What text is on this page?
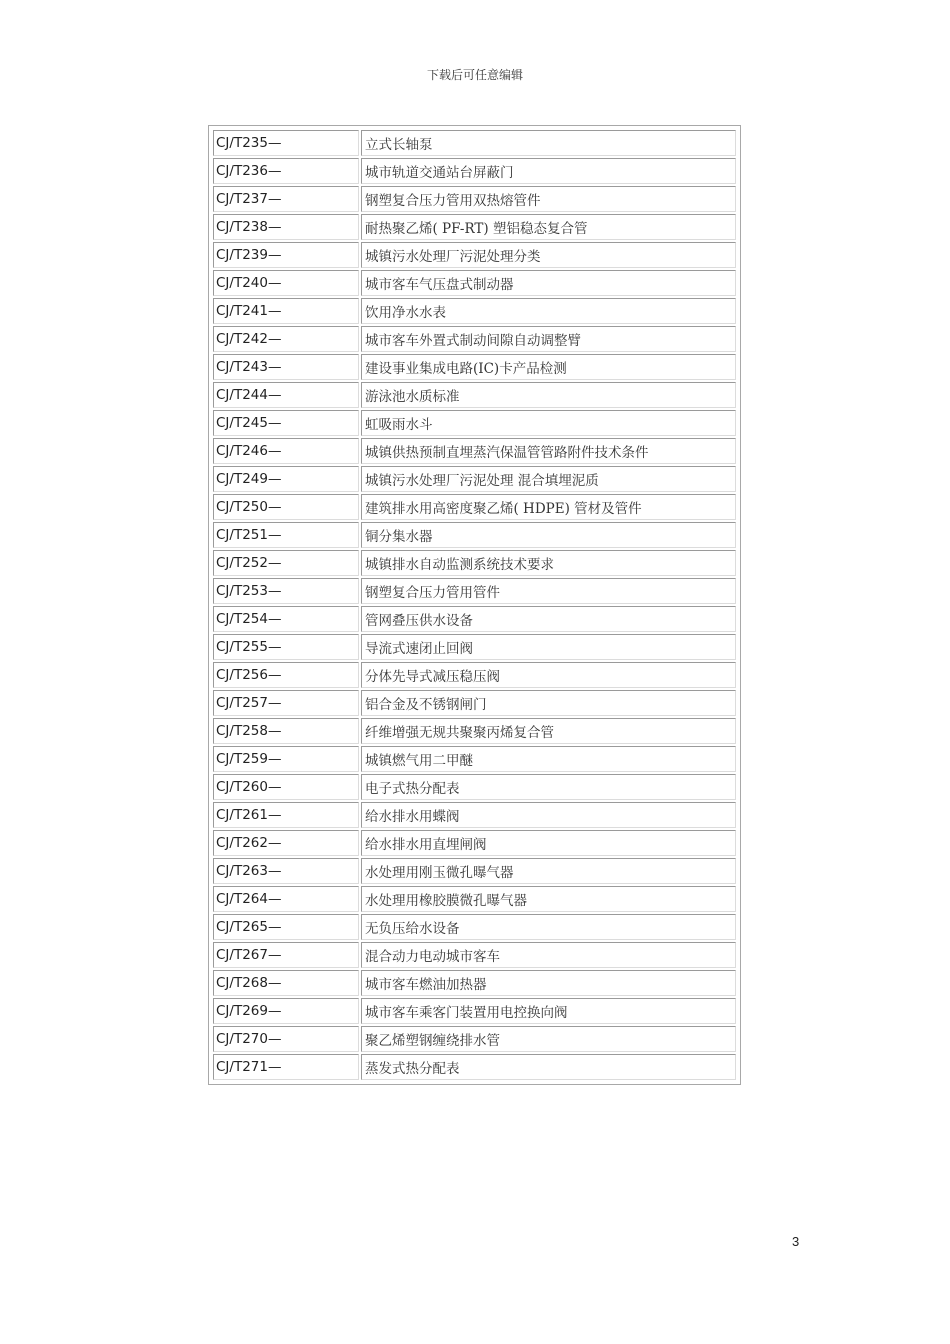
下载后可任意编辑
CJ/T235—	立式长轴泵
CJ/T236—	城市轨道交通站台屏蔽门
CJ/T237—	钢塑复合压力管用双热熔管件
CJ/T238—	耐热聚乙烯( PF-RT) 塑铝稳态复合管
CJ/T239—	城镇污水处理厂污泥处理分类
CJ/T240—	城市客车气压盘式制动器
CJ/T241—	饮用净水水表
CJ/T242—	城市客车外置式制动间隙自动调整臂
CJ/T243—	建设事业集成电路(IC)卡产品检测
CJ/T244—	游泳池水质标准
CJ/T245—	虹吸雨水斗
CJ/T246—	城镇供热预制直埋蒸汽保温管管路附件技术条件
CJ/T249—	城镇污水处理厂污泥处理 混合填埋泥质
CJ/T250—	建筑排水用高密度聚乙烯( HDPE) 管材及管件
CJ/T251—	铜分集水器
CJ/T252—	城镇排水自动监测系统技术要求
CJ/T253—	钢塑复合压力管用管件
CJ/T254—	管网叠压供水设备
CJ/T255—	导流式速闭止回阀
CJ/T256—	分体先导式减压稳压阀
CJ/T257—	铝合金及不锈钢闸门
CJ/T258—	纤维增强无规共聚聚丙烯复合管
CJ/T259—	城镇燃气用二甲醚
CJ/T260—	电子式热分配表
CJ/T261—	给水排水用蝶阀
CJ/T262—	给水排水用直埋闸阀
CJ/T263—	水处理用刚玉微孔曝气器
CJ/T264—	水处理用橡胶膜微孔曝气器
CJ/T265—	无负压给水设备
CJ/T267—	混合动力电动城市客车
CJ/T268—	城市客车燃油加热器
CJ/T269—	城市客车乘客门装置用电控换向阀
CJ/T270—	聚乙烯塑钢缠绕排水管
CJ/T271—	蒸发式热分配表
3
